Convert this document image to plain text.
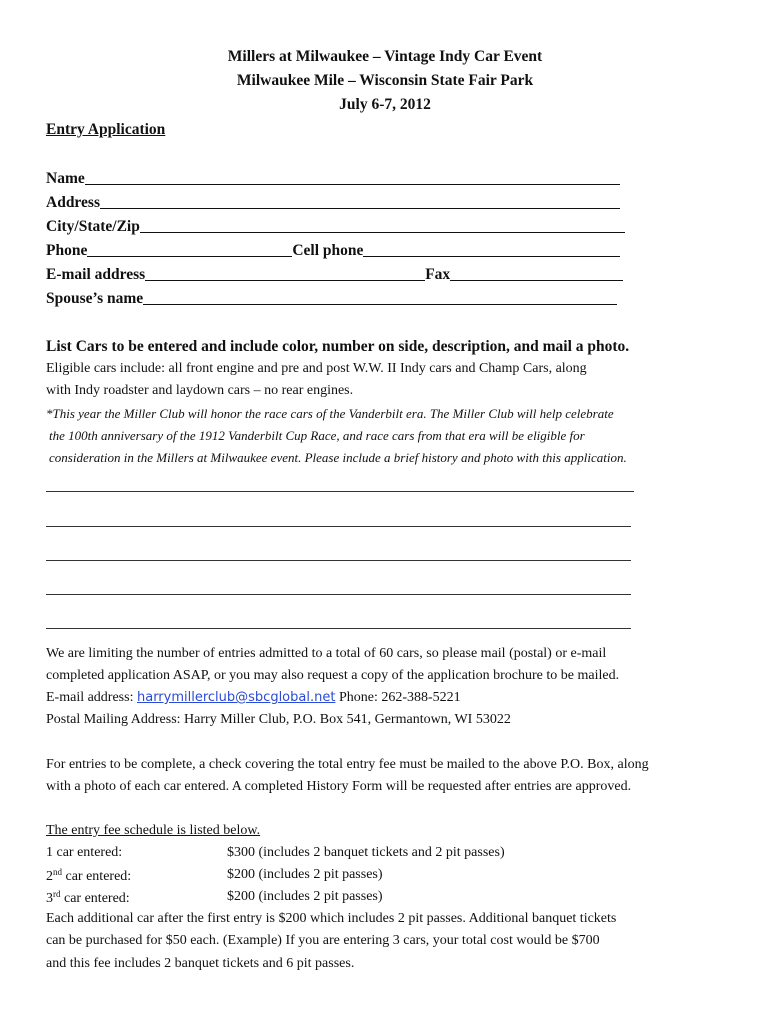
Millers at Milwaukee – Vintage Indy Car Event
Milwaukee Mile – Wisconsin State Fair Park
July 6-7, 2012
Entry Application
Name
Address
City/State/Zip
Phone	Cell phone
E-mail address	Fax
Spouse’s name
List Cars to be entered and include color, number on side, description, and mail a photo.
Eligible cars include: all front engine and pre and post W.W. II Indy cars and Champ Cars, along
with Indy roadster and laydown cars – no rear engines.
*This year the Miller Club will honor the race cars of the Vanderbilt era. The Miller Club will help celebrate
the 100th anniversary of the 1912 Vanderbilt Cup Race, and race cars from that era will be eligible for
consideration in the Millers at Milwaukee event. Please include a brief history and photo with this application.
We are limiting the number of entries admitted to a total of 60 cars, so please mail (postal) or e-mail
completed application ASAP, or you may also request a copy of the application brochure to be mailed.
E-mail address: harrymillerclub@sbcglobal.net Phone: 262-388-5221
Postal Mailing Address: Harry Miller Club, P.O. Box 541, Germantown, WI 53022
For entries to be complete, a check covering the total entry fee must be mailed to the above P.O. Box, along
with a photo of each car entered. A completed History Form will be requested after entries are approved.
The entry fee schedule is listed below.
1 car entered:	$300 (includes 2 banquet tickets and 2 pit passes)
2nd car entered:	$200 (includes 2 pit passes)
3rd car entered:	$200 (includes 2 pit passes)
Each additional car after the first entry is $200 which includes 2 pit passes. Additional banquet tickets
can be purchased for $50 each. (Example) If you are entering 3 cars, your total cost would be $700
and this fee includes 2 banquet tickets and 6 pit passes.
